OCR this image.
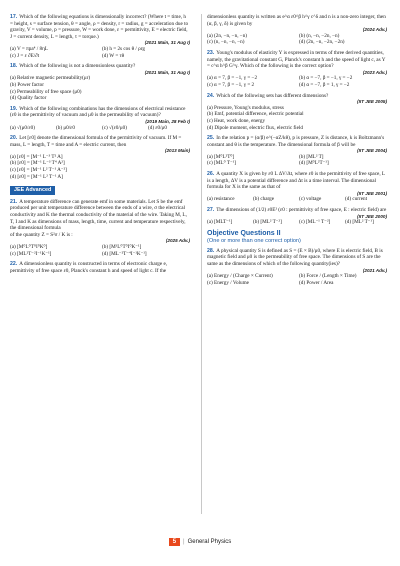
17. Which of the following equations is dimensionally incorrect? (Where t = time, h = height, s = surface tension, θ = angle, ρ = density, r = radius, g = acceleration due to gravity, V = volume, p = pressure, W = work done, ε = permittivity, E = electric field, J = current density, L = length, τ = torque.)
(2021 Main, 31 Aug I)
(a) V = πpa⁴ / 8ηL	(b) h = 2s cos θ / ρrg
(c) J = ε ∂E/∂t	(d) W = τθ
18. Which of the following is not a dimensionless quantity?
(2021 Main, 31 Aug I)
(a) Relative magnetic permeability(μr)
(b) Power factor
(c) Permeability of free space (μ0)
(d) Quality factor
19. Which of the following combinations has the dimensions of electrical resistance (ε0 is the permittivity of vacuum and μ0 is the permeability of vacuum)?
(2019 Main, 28 Feb I)
(a) √(μ0/ε0)	(b) μ0/ε0	(c) √(ε0/μ0)	(d) ε0/μ0
20. Let [ε0] denote the dimensional formula of the permittivity of vacuum. If M = mass, L = length, T = time and A = electric current, then
(2013 Main)
(a) [ε0] = [M⁻¹ L⁻³ T² A]
(b) [ε0] = [M⁻¹ L⁻³ T⁴ A²]
(c) [ε0] = [M⁻¹ L² T⁻¹ A⁻²]
(d) [ε0] = [M⁻¹ L² T⁻¹ A]
JEE Advanced
21. A temperature difference can generate emf in some materials. Let S be the emf produced per unit temperature difference between the ends of a wire, σ the electrical conductivity and K the thermal conductivity of the material of the wire. Taking M, L, T, I and K as dimensions of mass, length, time, current and temperature respectively, the dimensional formula
of the quantity Z = S²σ / K is :
(2025 Adv.)
(a) [M⁰L⁰T⁰I⁰K⁰]	(b) [M¹L⁰T⁰I⁰K⁻¹]
(c) [ML²T⁻²I⁻¹K⁻¹]	(d) [ML⁻²T⁻⁴I⁻¹K⁻¹]
22. A dimensionless quantity is constructed in terms of electronic charge e, permittivity of free space ε0, Planck's constant h and speed of light c. If the
dimensionless quantity is written as e^α ε0^β h^γ c^δ and n is a non-zero integer, then (α, β, γ, δ) is given by
(2024 Adv.)
(a) (2n, −n, −n, −n)	(b) (n, −n, −2n, −n)
(c) (n, −n, −n, −n)	(d) (2n, −n, −2n, −2n)
23. Young's modulus of elasticity Y is expressed in terms of three derived quantities, namely, the gravitational constant G, Planck's constant h and the speed of light c, as Y = c^α h^β G^γ. Which of the following is the correct option?
(2023 Adv.)
(a) α = 7, β = −1, γ = −2	(b) α = −7, β = −1, γ = −2
(c) α = 7, β = −1, γ = 2	(d) α = −7, β = 1, γ = −2
24. Which of the following sets has different dimensions?
(IIT JEE 2005)
(a) Pressure, Young's modulus, stress
(b) Emf, potential difference, electric potential
(c) Heat, work done, energy
(d) Dipole moment, electric flux, electric field
25. In the relation p = (α/β) e^(−αZ/kθ), p is pressure, Z is distance, k is Boltzmann's constant and θ is the temperature. The dimensional formula of β will be
(IIT JEE 2004)
(a) [M⁰L²T⁰]	(b) [ML² T]
(c) [ML⁰ T⁻¹]	(d) [M⁰L²T⁻¹]
26. A quantity X is given by ε0 L ΔV/Δt, where ε0 is the permittivity of free space, L is a length, ΔV is a potential difference and Δt is a time interval. The dimensional formula for X is the same as that of
(IIT JEE 2001)
(a) resistance	(b) charge	(c) voltage	(d) current
27. The dimensions of (1/2) ε0E² (ε0 : permittivity of free space, E : electric field) are
(IIT JEE 2000)
(a) [MLT⁻¹]	(b) [ML² T⁻²]	(c) [ML⁻¹ T⁻²]	(d) [ML² T⁻¹]
Objective Questions II
(One or more than one correct option)
28. A physical quantity S is defined as S = (E × B)/μ0, where E is electric field, B is magnetic field and μ0 is the permeability of free space. The dimensions of S are the same as the dimensions of which of the following quantity(ies)?
(2021 Adv.)
(a) Energy / (Charge × Current)	(b) Force / (Length × Time)
(c) Energy / Volume	(d) Power / Area
5 | General Physics
